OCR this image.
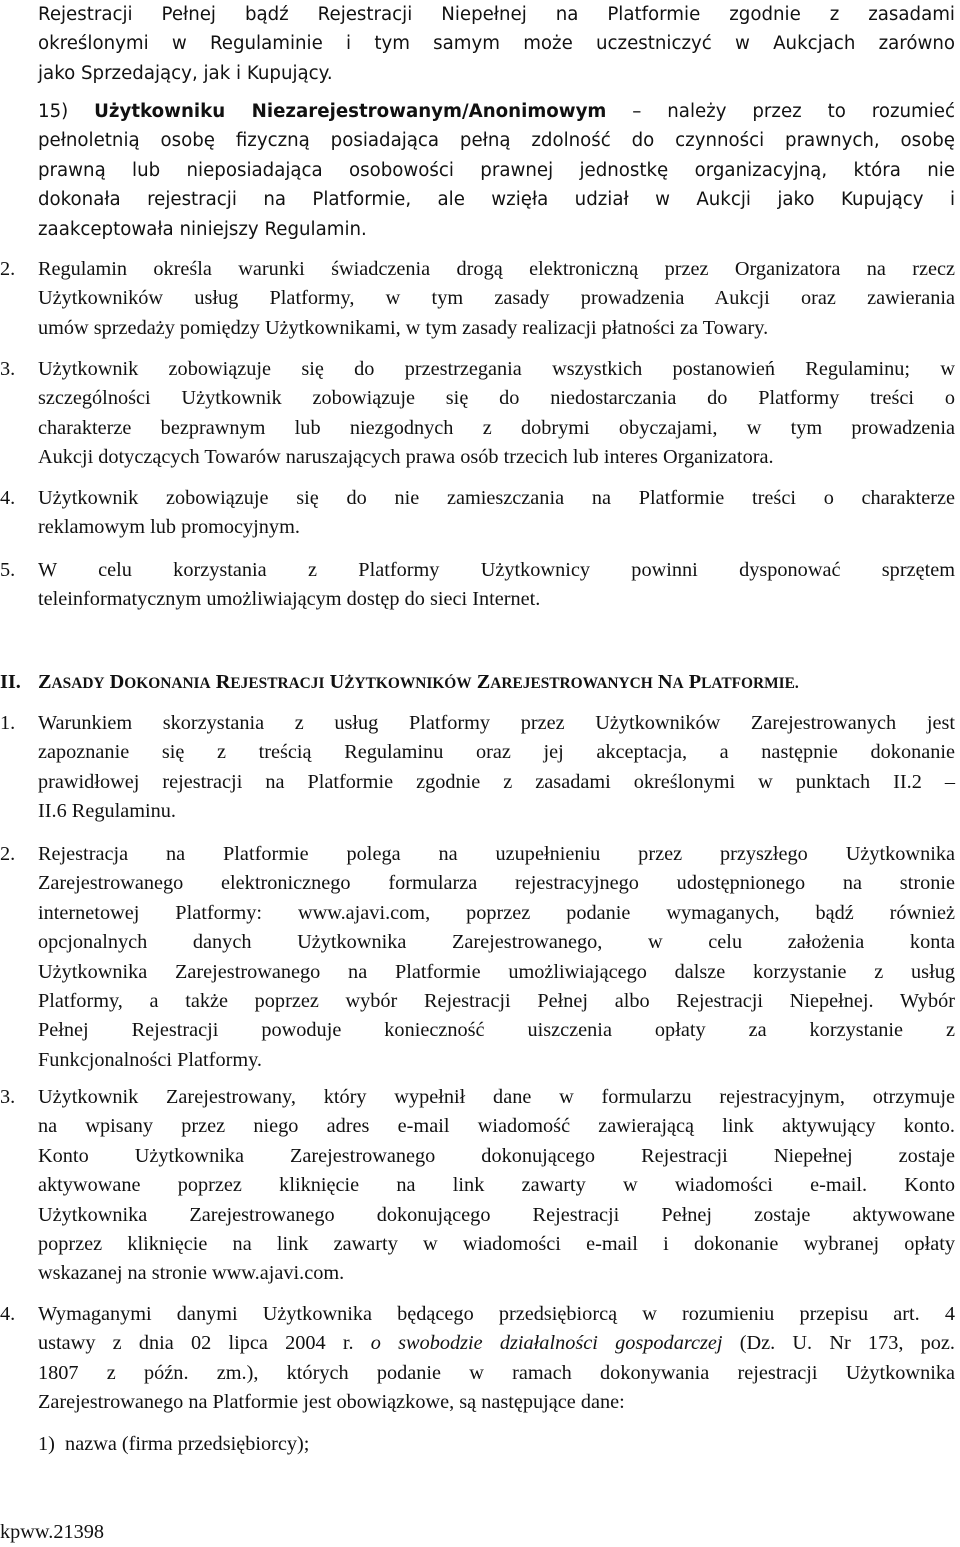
Rejestracji Pełnej bądź Rejestracji Niepełnej na Platformie zgodnie z zasadami
określonymi w Regulaminie i tym samym może uczestniczyć w Aukcjach zarówno
jako Sprzedający, jak i Kupujący.
15) Użytkowniku Niezarejestrowanym/Anonimowym – należy przez to rozumieć
pełnoletnią osobę fizyczną posiadająca pełną zdolność do czynności prawnych, osobę
prawną lub nieposiadająca osobowości prawnej jednostkę organizacyjną, która nie
dokonała rejestracji na Platformie, ale wzięła udział w Aukcji jako Kupujący i
zaakceptowała niniejszy Regulamin.
2. Regulamin określa warunki świadczenia drogą elektroniczną przez Organizatora na rzecz
Użytkowników usług Platformy, w tym zasady prowadzenia Aukcji oraz zawierania
umów sprzedaży pomiędzy Użytkownikami, w tym zasady realizacji płatności za Towary.
3. Użytkownik zobowiązuje się do przestrzegania wszystkich postanowień Regulaminu; w
szczególności Użytkownik zobowiązuje się do niedostarczania do Platformy treści o
charakterze bezprawnym lub niezgodnych z dobrymi obyczajami, w tym prowadzenia
Aukcji dotyczących Towarów naruszających prawa osób trzecich lub interes Organizatora.
4. Użytkownik zobowiązuje się do nie zamieszczania na Platformie treści o charakterze
reklamowym lub promocyjnym.
5. W celu korzystania z Platformy Użytkownicy powinni dysponować sprzętem
teleinformatycznym umożliwiającym dostęp do sieci Internet.
II. ZASADY DOKONANIA REJESTRACJI UŻYTKOWNIKÓW ZAREJESTROWANYCH NA PLATFORMIE.
1. Warunkiem skorzystania z usług Platformy przez Użytkowników Zarejestrowanych jest
zapoznanie się z treścią Regulaminu oraz jej akceptacja, a następnie dokonanie
prawidłowej rejestracji na Platformie zgodnie z zasadami określonymi w punktach II.2 –
II.6 Regulaminu.
2. Rejestracja na Platformie polega na uzupełnieniu przez przyszłego Użytkownika
Zarejestrowanego elektronicznego formularza rejestracyjnego udostępnionego na stronie
internetowej Platformy: www.ajavi.com, poprzez podanie wymaganych, bądź również
opcjonalnych danych Użytkownika Zarejestrowanego, w celu założenia konta
Użytkownika Zarejestrowanego na Platformie umożliwiającego dalsze korzystanie z usług
Platformy, a także poprzez wybór Rejestracji Pełnej albo Rejestracji Niepełnej. Wybór
Pełnej Rejestracji powoduje konieczność uiszczenia opłaty za korzystanie z
Funkcjonalności Platformy.
3. Użytkownik Zarejestrowany, który wypełnił dane w formularzu rejestracyjnym, otrzymuje
na wpisany przez niego adres e-mail wiadomość zawierającą link aktywujący konto.
Konto Użytkownika Zarejestrowanego dokonującego Rejestracji Niepełnej zostaje
aktywowane poprzez kliknięcie na link zawarty w wiadomości e-mail. Konto
Użytkownika Zarejestrowanego dokonującego Rejestracji Pełnej zostaje aktywowane
poprzez kliknięcie na link zawarty w wiadomości e-mail i dokonanie wybranej opłaty
wskazanej na stronie www.ajavi.com.
4. Wymaganymi danymi Użytkownika będącego przedsiębiorcą w rozumieniu przepisu art. 4
ustawy z dnia 02 lipca 2004 r. o swobodzie działalności gospodarczej (Dz. U. Nr 173, poz.
1807 z późn. zm.), których podanie w ramach dokonywania rejestracji Użytkownika
Zarejestrowanego na Platformie jest obowiązkowe, są następujące dane:
1) nazwa (firma przedsiębiorcy);
kpww.21398
